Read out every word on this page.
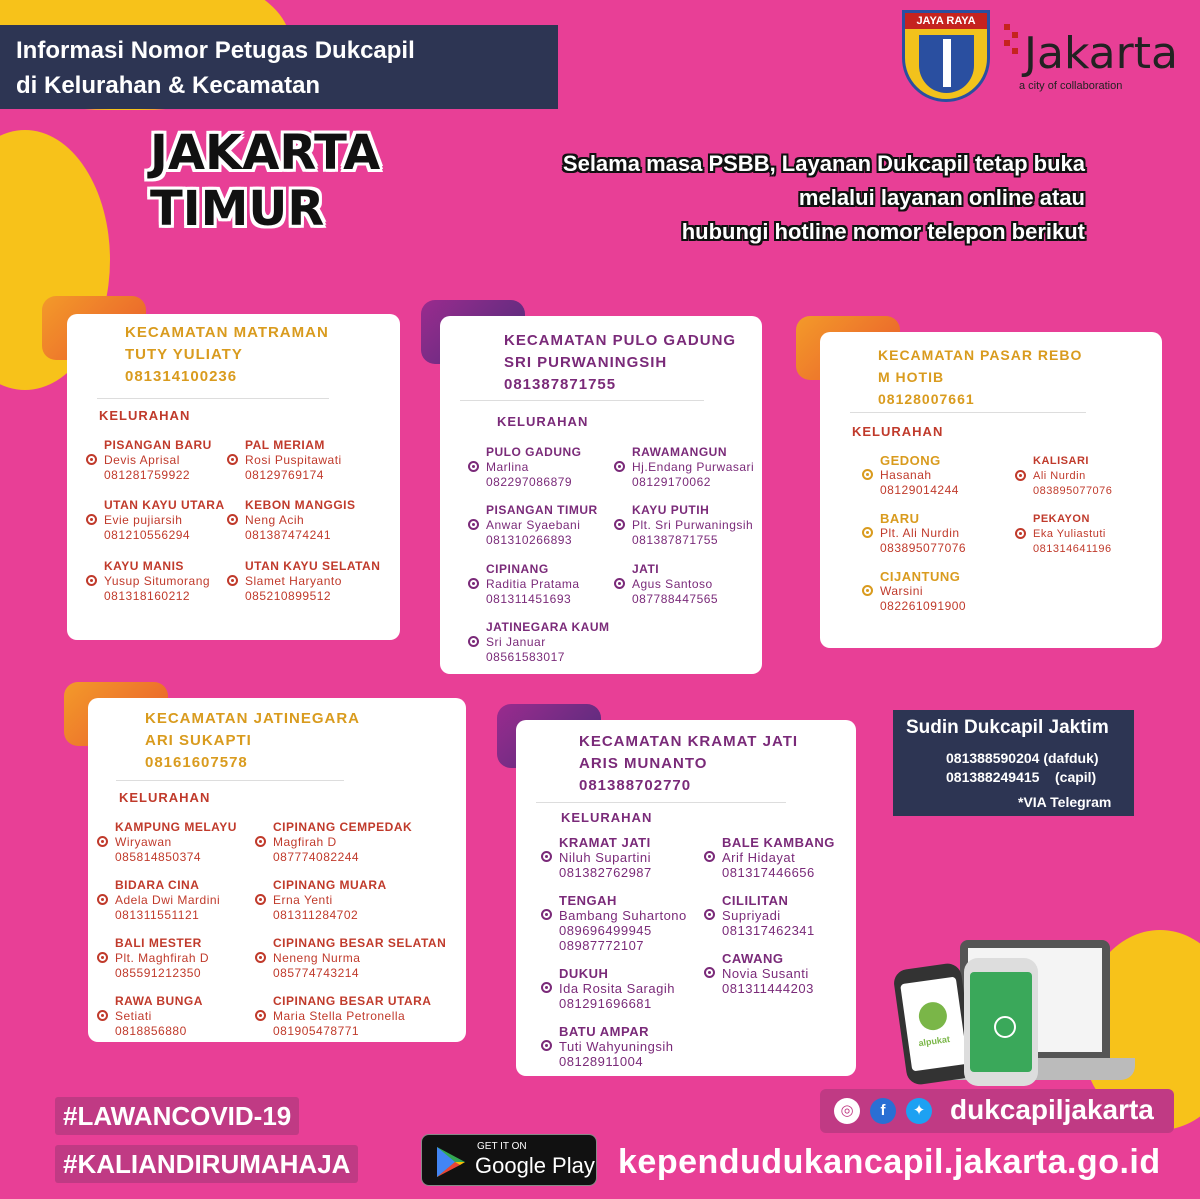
Informasi Nomor Petugas Dukcapil
di Kelurahan & Kecamatan
JAYA RAYA
Jakarta
a city of collaboration
JAKARTA
TIMUR
Selama masa PSBB, Layanan Dukcapil tetap buka
melalui layanan online atau
hubungi hotline nomor telepon berikut
KECAMATAN MATRAMAN
TUTY YULIATY
081314100236
KELURAHAN
PISANGAN BARU
Devis Aprisal
081281759922
PAL MERIAM
Rosi Puspitawati
08129769174
UTAN KAYU UTARA
Evie pujiarsih
081210556294
KEBON MANGGIS
Neng Acih
081387474241
KAYU MANIS
Yusup Situmorang
081318160212
UTAN KAYU SELATAN
Slamet Haryanto
085210899512
KECAMATAN PULO GADUNG
SRI PURWANINGSIH
081387871755
KELURAHAN
PULO GADUNG
Marlina
082297086879
RAWAMANGUN
Hj.Endang Purwasari
08129170062
PISANGAN TIMUR
Anwar Syaebani
081310266893
KAYU PUTIH
Plt. Sri Purwaningsih
081387871755
CIPINANG
Raditia Pratama
081311451693
JATI
Agus Santoso
087788447565
JATINEGARA KAUM
Sri Januar
08561583017
KECAMATAN PASAR REBO
M HOTIB
08128007661
KELURAHAN
GEDONG
Hasanah
08129014244
KALISARI
Ali Nurdin
083895077076
BARU
Plt. Ali Nurdin
083895077076
PEKAYON
Eka Yuliastuti
081314641196
CIJANTUNG
Warsini
082261091900
KECAMATAN JATINEGARA
ARI SUKAPTI
08161607578
KELURAHAN
KAMPUNG MELAYU
Wiryawan
085814850374
CIPINANG CEMPEDAK
Magfirah D
087774082244
BIDARA CINA
Adela Dwi Mardini
081311551121
CIPINANG MUARA
Erna Yenti
081311284702
BALI MESTER
Plt. Maghfirah D
085591212350
CIPINANG BESAR SELATAN
Neneng Nurma
085774743214
RAWA BUNGA
Setiati
0818856880
CIPINANG BESAR UTARA
Maria Stella Petronella
081905478771
KECAMATAN KRAMAT JATI
ARIS MUNANTO
081388702770
KELURAHAN
KRAMAT JATI
Niluh Supartini
081382762987
BALE KAMBANG
Arif Hidayat
081317446656
TENGAH
Bambang Suhartono
089696499945
08987772107
CILILITAN
Supriyadi
081317462341
DUKUH
Ida Rosita Saragih
081291696681
CAWANG
Novia Susanti
081311444203
BATU AMPAR
Tuti Wahyuningsih
08128911004
Sudin Dukcapil Jaktim
081388590204 (dafduk)
081388249415    (capil)
*VIA Telegram
alpukat
#LAWANCOVID-19
#KALIANDIRUMAHAJA
GET IT ON
Google Play
◎	f	✦ dukcapiljakarta
kependudukancapil.jakarta.go.id
